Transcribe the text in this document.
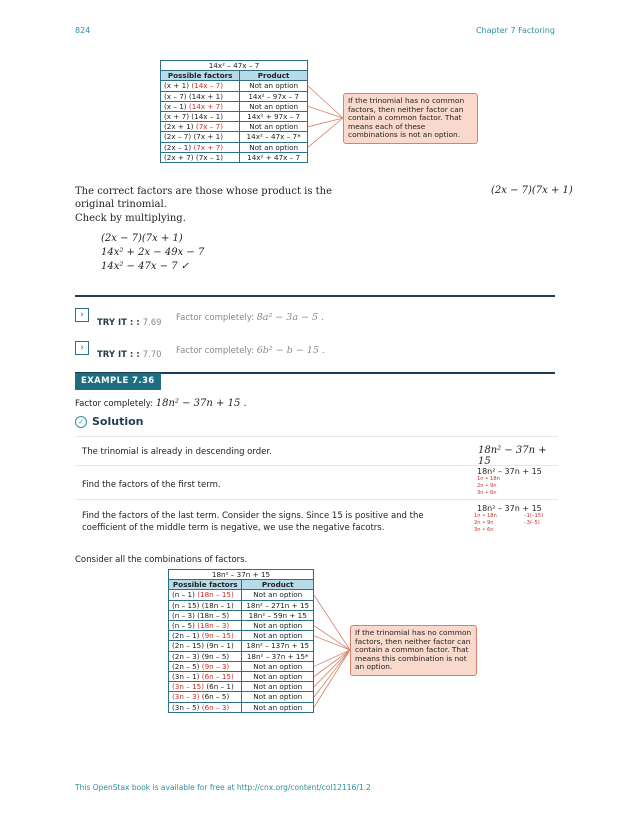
824	Chapter 7 Factoring
14x² – 47x – 7	
Possible factors	Product
(x + 1) (14x – 7)	Not an option
(x – 7) (14x + 1)	14x² – 97x – 7
(x – 1) (14x + 7)	Not an option
(x + 7) (14x – 1)	14x² + 97x – 7
(2x + 1) (7x – 7)	Not an option
(2x – 7) (7x + 1)	14x² – 47x – 7*
(2x – 1) (7x + 7)	Not an option
(2x + 7) (7x – 1)	14x² + 47x – 7
If the trinomial has no common factors, then neither factor can contain a common factor. That means each of these combinations is not an option.
The correct factors are those whose product is the
original trinomial.
(2x − 7)(7x + 1)
Check by multiplying.
(2x − 7)(7x + 1)
14x² + 2x − 49x − 7
14x² − 47x − 7 ✓
›
TRY IT : : 7.69 Factor completely: 8a² − 3a − 5 .
›
TRY IT : : 7.70 Factor completely: 6b² − b − 15 .
EXAMPLE 7.36
Factor completely: 18n² − 37n + 15 .
✓ Solution
The trinomial is already in descending order.	18n² − 37n + 15
Find the factors of the first term.
18n² – 37n + 15
1n • 18n
2n • 9n
3n • 6n
Find the factors of the last term. Consider the signs. Since 15 is positive and the coefficient of the middle term is negative, we use the negative facotrs.
18n² – 37n + 15
1n • 18n
2n • 9n
3n • 6n
–1(–15)
–3(–5)
Consider all the combinations of factors.
18n² – 37n + 15	
Possible factors	Product
(n – 1) (18n – 15)	Not an option
(n – 15) (18n – 1)	18n² – 271n + 15
(n – 3) (18n – 5)	18n² – 59n + 15
(n – 5) (18n – 3)	Not an option
(2n – 1) (9n – 15)	Not an option
(2n – 15) (9n – 1)	18n² – 137n + 15
(2n – 3) (9n – 5)	18n² – 37n + 15*
(2n – 5) (9n – 3)	Not an option
(3n – 1) (6n – 15)	Not an option
(3n – 15) (6n – 1)	Not an option
(3n – 3) (6n – 5)	Not an option
(3n – 5) (6n – 3)	Not an option
If the trinomial has no common factors, then neither factor can contain a common factor. That means this combination is not an option.
This OpenStax book is available for free at http://cnx.org/content/col12116/1.2
